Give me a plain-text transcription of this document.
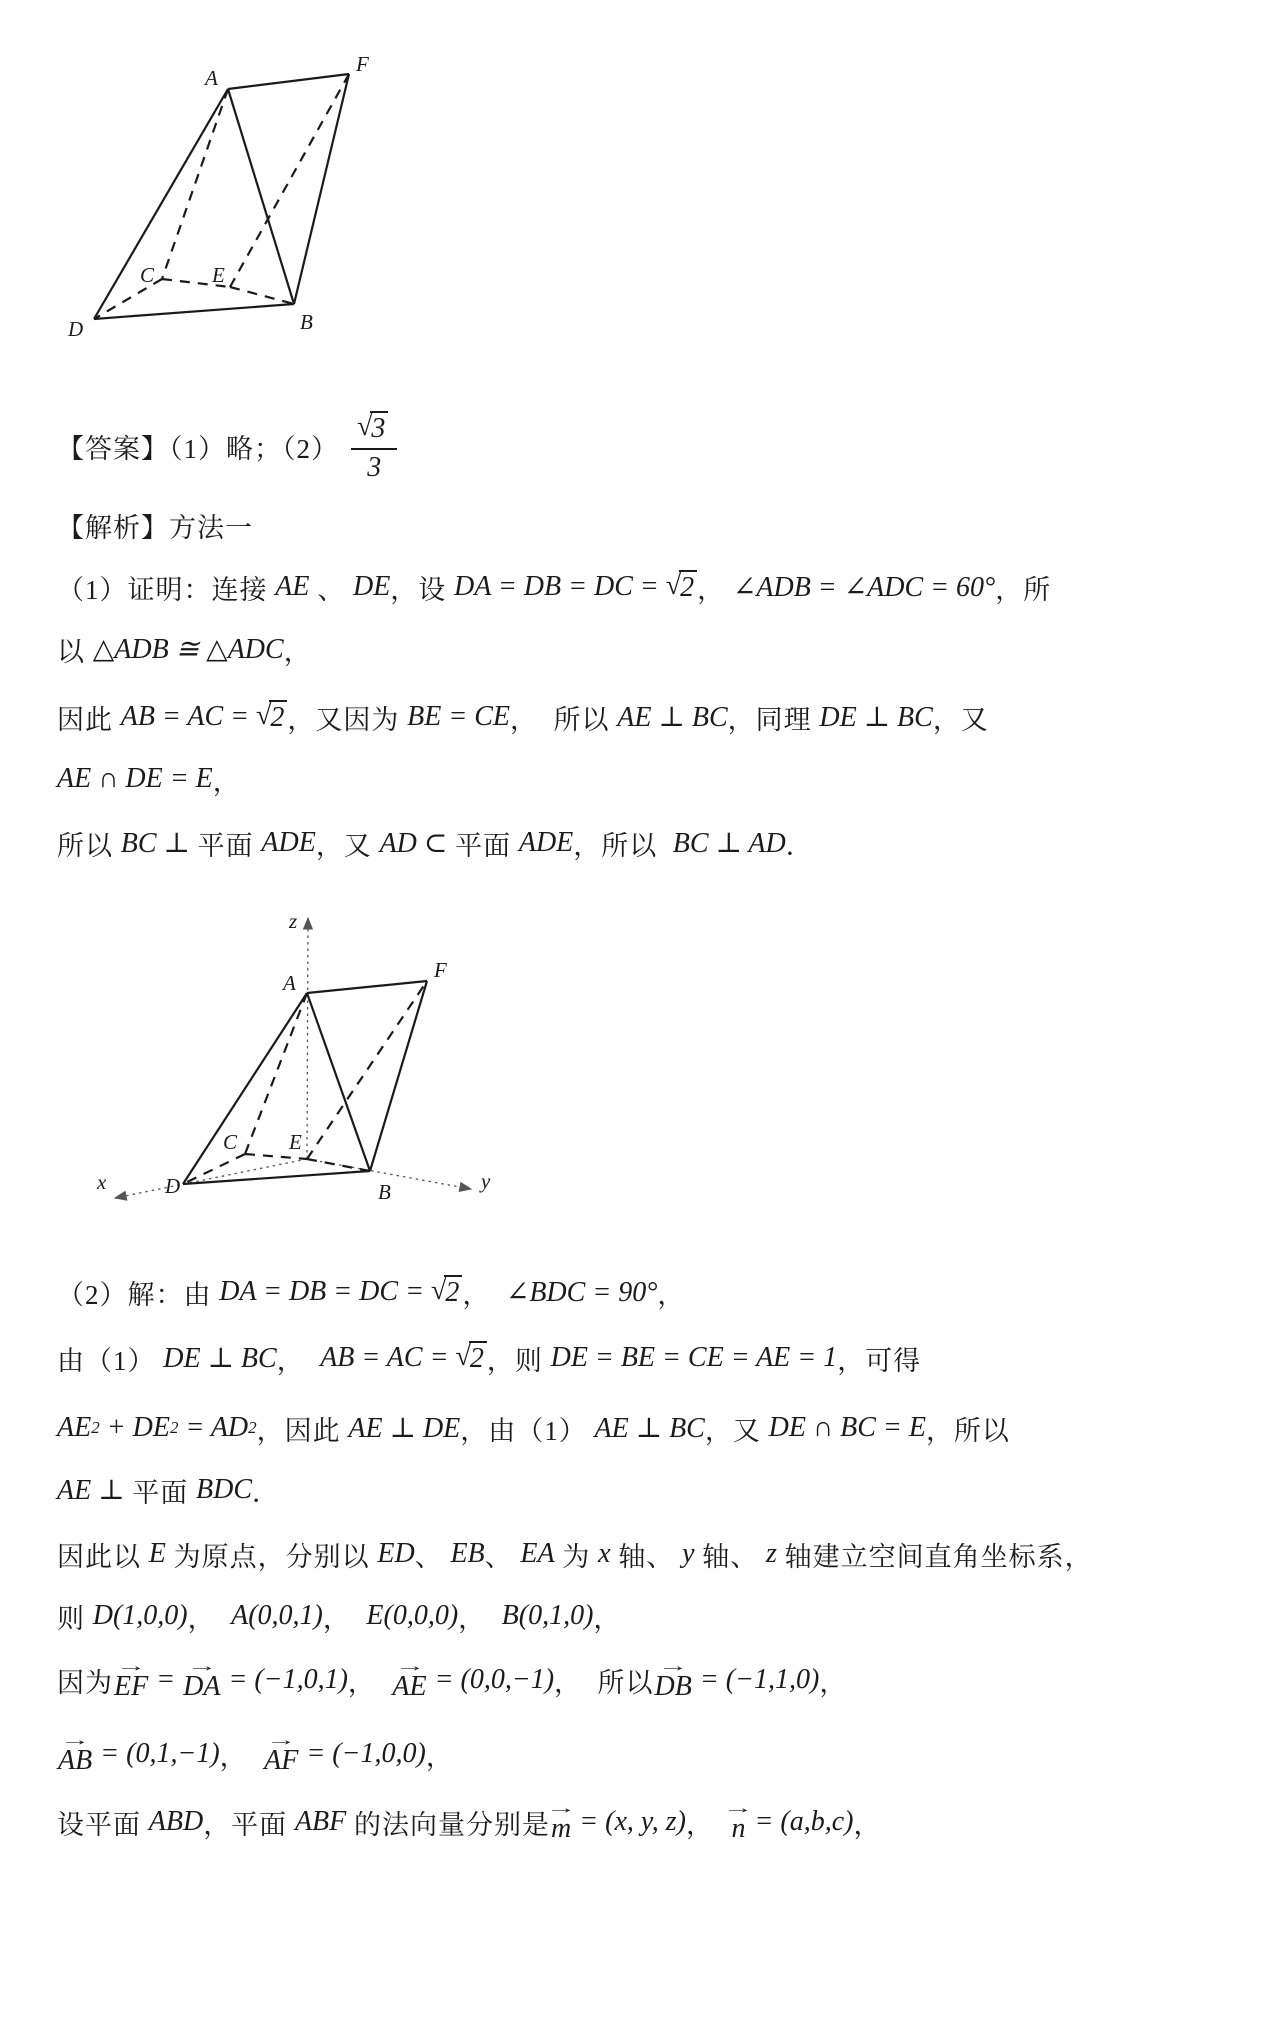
A
F
C	E
D	B
【答案】（1）略；$(2) \frac{√ 3}{3}$
【解析】方法一
（1）证明：连接 AE 、 DE ，设 DA = DB = DC = √ 2 ， ∠ADB = ∠ADC = 60° ，所
以 △ADB ≅ △ADC ，
因此 AB = AC = √ 2 ，又因为 BE = CE ，  所以 AE ⊥ BC ，同理 DE ⊥ BC ，又
AE ∩ DE = E ，
所以 BC ⊥ 平面 ADE ，又 AD ⊂ 平面 ADE ，所以 BC ⊥ AD ．
z
A
F
C E
D	B
x	y
（2）解：由 DA = DB = DC = √ 2 ， ∠BDC = 90° ，
由（1） DE ⊥ BC ， AB = AC = √ 2 ，则 DE = BE = CE = AE = 1 ，可得
AE 2 + DE 2 = AD 2 ，因此 AE ⊥ DE ，由（1） AE ⊥ BC ，又 DE ∩ BC = E ，所以
AE ⊥ 平面 BDC ．
因此以 E 为原点，分别以 ED 、 EB 、 EA 为 x 轴、 y 轴、 z 轴建立空间直角坐标系，
则 D(1,0,0) ， A(0,0,1) ， E(0,0,0) ， B(0,1,0) ，
因为
→
EF = →
DA = (−1,0,1) ，
→
AE = (0,0,−1) ，  所以
→
DB = (−1,1,0) ，
→
AB = (0,1,−1) ，
→
AF = (−1,0,0) ，
设平面 ABD ，平面 ABF 的法向量分别是
→
m = (x, y, z) ，
→
n = (a,b,c) ，
